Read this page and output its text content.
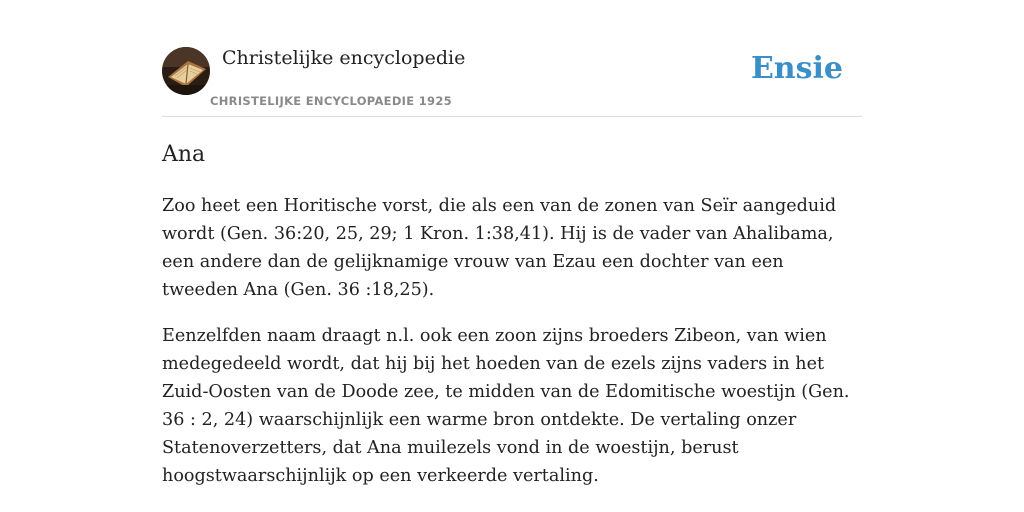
Christelijke encyclopedie
CHRISTELIJKE ENCYCLOPAEDIE 1925
Ensie
Ana

Zoo heet een Horitische vorst, die als een van de zonen van Seïr aangeduid wordt (Gen. 36:20, 25, 29; 1 Kron. 1:38,41). Hij is de vader van Ahalibama, een andere dan de gelijknamige vrouw van Ezau een dochter van een tweeden Ana (Gen. 36 :18,25).

Eenzelfden naam draagt n.l. ook een zoon zijns broeders Zibeon, van wien medegedeeld wordt, dat hij bij het hoeden van de ezels zijns vaders in het Zuid-Oosten van de Doode zee, te midden van de Edomitische woestijn (Gen. 36 : 2, 24) waarschijnlijk een warme bron ontdekte. De vertaling onzer Statenoverzetters, dat Ana muilezels vond in de woestijn, berust hoogstwaarschijnlijk op een verkeerde vertaling.
